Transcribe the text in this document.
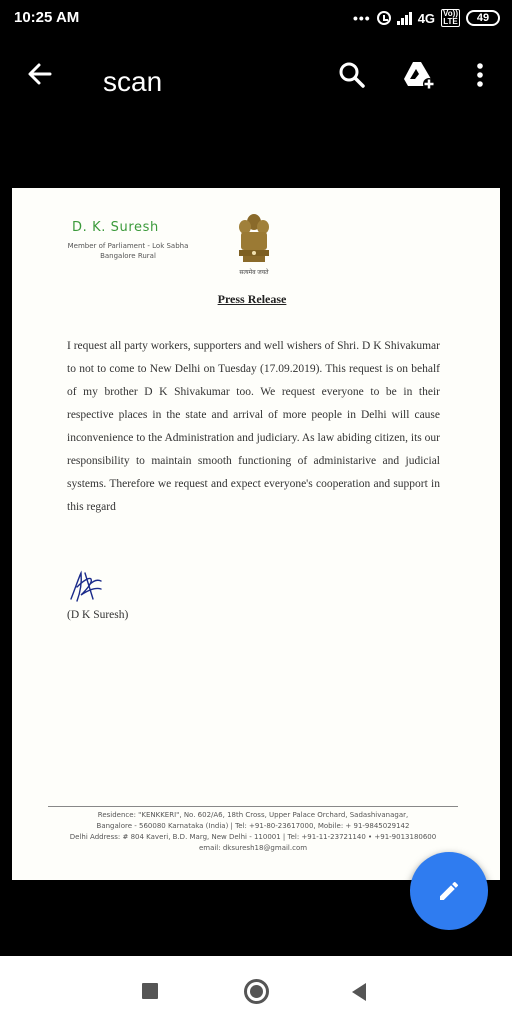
10:25 AM	•••	4G Vo))
LTE 49
scan
D. K. Suresh
Member of Parliament - Lok Sabha
Bangalore Rural
सत्यमेव जयते
Press Release

I request all party workers, supporters and well wishers of Shri. D K Shivakumar to not to come to New Delhi on Tuesday (17.09.2019). This request is on behalf of my brother D K Shivakumar too. We request everyone to be in their respective places in the state and arrival of more people in Delhi will cause inconvenience to the Administration and judiciary. As law abiding citizen, its our responsibility to maintain smooth functioning of administarive and judicial systems. Therefore we request and expect everyone's cooperation and support in this regard

(D K Suresh)
Residence: "KENKKERI", No. 602/A6, 18th Cross, Upper Palace Orchard, Sadashivanagar,
Bangalore - 560080 Karnataka (India) | Tel: +91-80-23617000, Mobile: + 91-9845029142
Delhi Address: # 804 Kaveri, B.D. Marg, New Delhi - 110001 | Tel: +91-11-23721140 • +91-9013180600
email: dksuresh18@gmail.com
